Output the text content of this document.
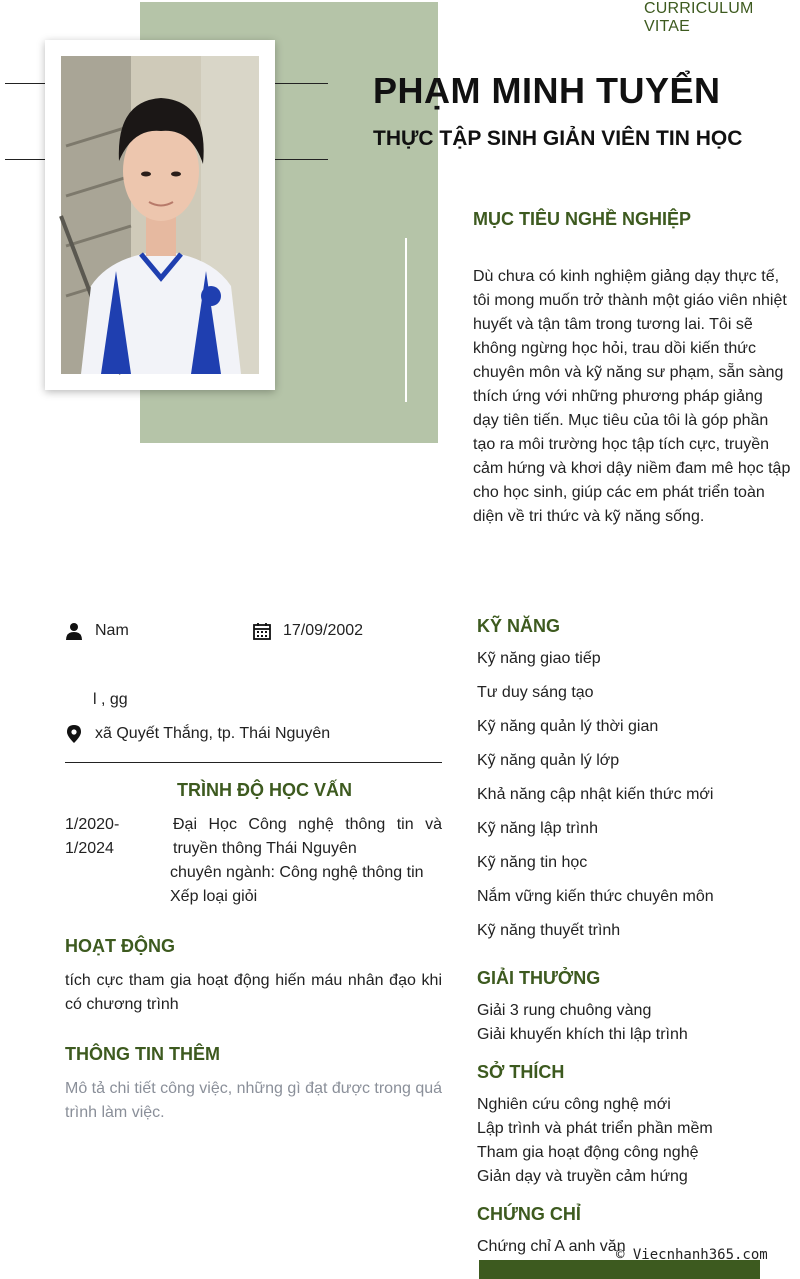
CURRICULUM VITAE
PHẠM MINH TUYỂN
THỰC TẬP SINH GIẢN VIÊN TIN HỌC
MỤC TIÊU NGHỀ NGHIỆP
Dù chưa có kinh nghiệm giảng dạy thực tế, tôi mong muốn trở thành một giáo viên nhiệt huyết và tận tâm trong tương lai. Tôi sẽ không ngừng học hỏi, trau dồi kiến thức chuyên môn và kỹ năng sư phạm, sẵn sàng thích ứng với những phương pháp giảng dạy tiên tiến. Mục tiêu của tôi là góp phần tạo ra môi trường học tập tích cực, truyền cảm hứng và khơi dậy niềm đam mê học tập cho học sinh, giúp các em phát triển toàn diện về tri thức và kỹ năng sống.
Nam	17/09/2002
l , gg
xã Quyết Thắng, tp. Thái Nguyên
TRÌNH ĐỘ HỌC VẤN
1/2020-
1/2024
Đại Học Công nghệ thông tin và truyền thông Thái Nguyên
chuyên ngành: Công nghệ thông tin
Xếp loại giỏi
HOẠT ĐỘNG
tích cực tham gia hoạt động hiến máu nhân đạo khi có chương trình
THÔNG TIN THÊM
Mô tả chi tiết công việc, những gì đạt được trong quá trình làm việc.
KỸ NĂNG
Kỹ năng giao tiếp
Tư duy sáng tạo
Kỹ năng quản lý thời gian
Kỹ năng quản lý lớp
Khả năng cập nhật kiến thức mới
Kỹ năng lập trình
Kỹ năng tin học
Nắm vững kiến thức chuyên môn
Kỹ năng thuyết trình
GIẢI THƯỞNG
Giải 3 rung chuông vàng
Giải khuyến khích thi lập trình
SỞ THÍCH
Nghiên cứu công nghệ mới
Lập trình và phát triển phần mềm
Tham gia hoạt động công nghệ
Giản dạy và truyền cảm hứng
CHỨNG CHỈ
Chứng chỉ A anh văn
© Viecnhanh365.com
